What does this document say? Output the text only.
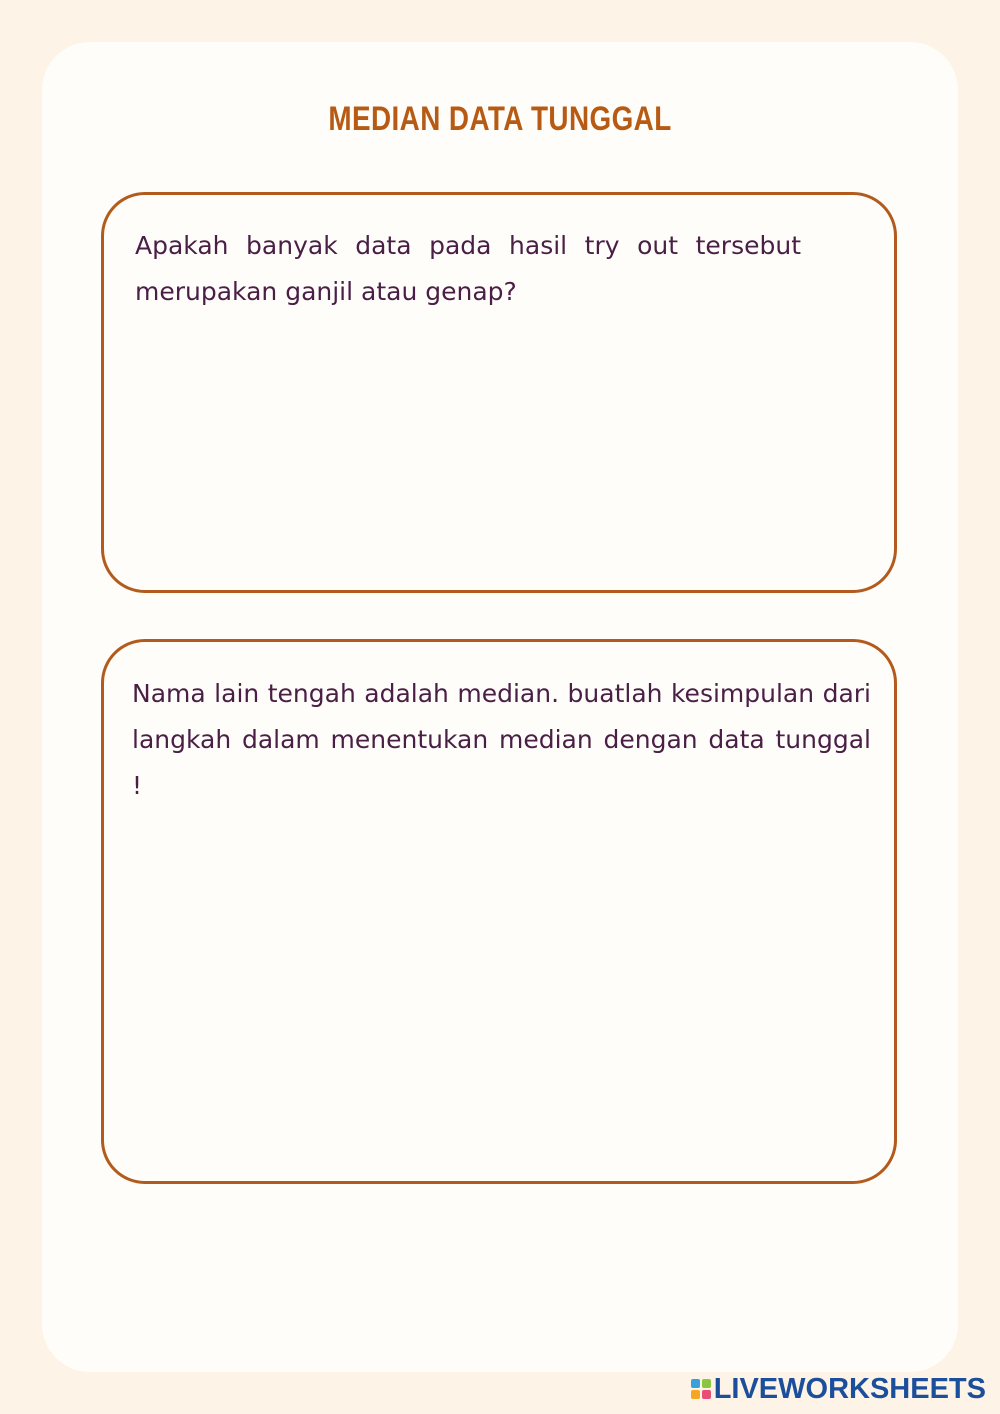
MEDIAN DATA TUNGGAL
Apakah banyak data pada hasil try out tersebut merupakan ganjil atau genap?
Nama lain tengah adalah median. buatlah kesimpulan dari langkah dalam menentukan median dengan data tunggal !
LIVEWORKSHEETS
